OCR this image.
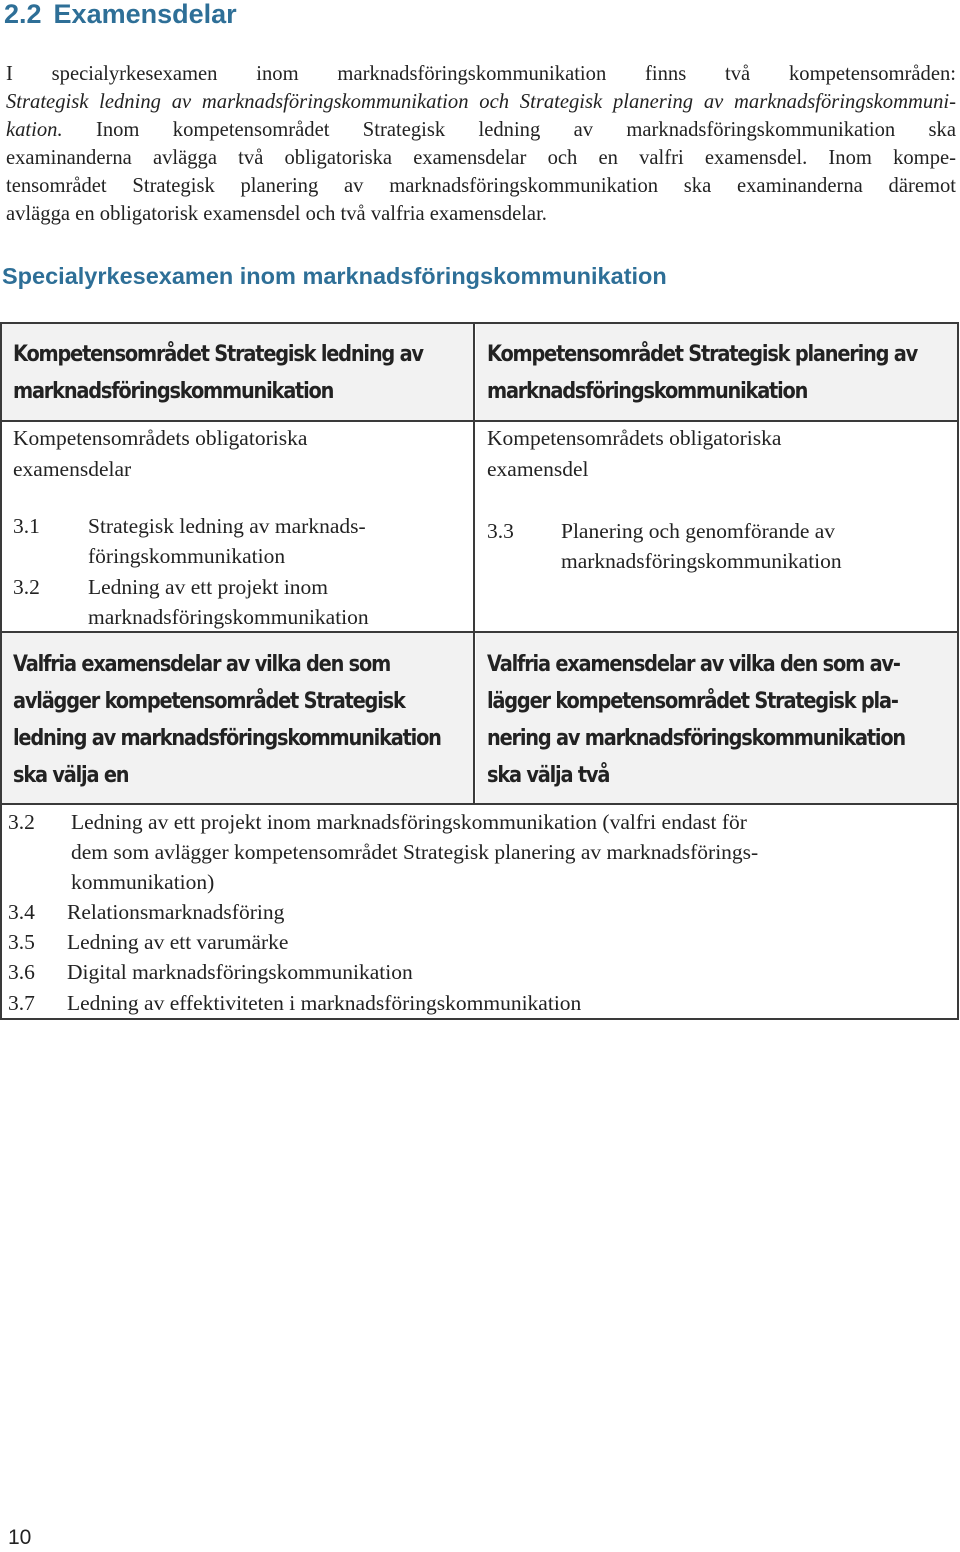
2.2 Examensdelar
I specialyrkesexamen inom marknadsföringskommunikation finns två kompetensområden:
Strategisk ledning av marknadsföringskommunikation och Strategisk planering av marknadsföringskommuni-
kation. Inom kompetensområdet Strategisk ledning av marknadsföringskommunikation ska
examinanderna avlägga två obligatoriska examensdelar och en valfri examensdel. Inom kompe-
tensområdet Strategisk planering av marknadsföringskommunikation ska examinanderna däremot
avlägga en obligatorisk examensdel och två valfria examensdelar.
Specialyrkesexamen inom marknadsföringskommunikation
Kompetensområdet Strategisk ledning av
marknadsföringskommunikation
Kompetensområdet Strategisk planering av
marknadsföringskommunikation
Kompetensområdets obligatoriska
examensdelar
Kompetensområdets obligatoriska
examensdel
3.1 Strategisk ledning av marknads-
föringskommunikation
3.2 Ledning av ett projekt inom
marknadsföringskommunikation
3.3 Planering och genomförande av
marknadsföringskommunikation
Valfria examensdelar av vilka den som
avlägger kompetensområdet Strategisk
ledning av marknadsföringskommunikation
ska välja en
Valfria examensdelar av vilka den som av-
lägger kompetensområdet Strategisk pla-
nering av marknadsföringskommunikation
ska välja två
3.2 Ledning av ett projekt inom marknadsföringskommunikation (valfri endast för
dem som avlägger kompetensområdet Strategisk planering av marknadsförings-
kommunikation)
3.4 Relationsmarknadsföring
3.5 Ledning av ett varumärke
3.6 Digital marknadsföringskommunikation
3.7 Ledning av effektiviteten i marknadsföringskommunikation
10
